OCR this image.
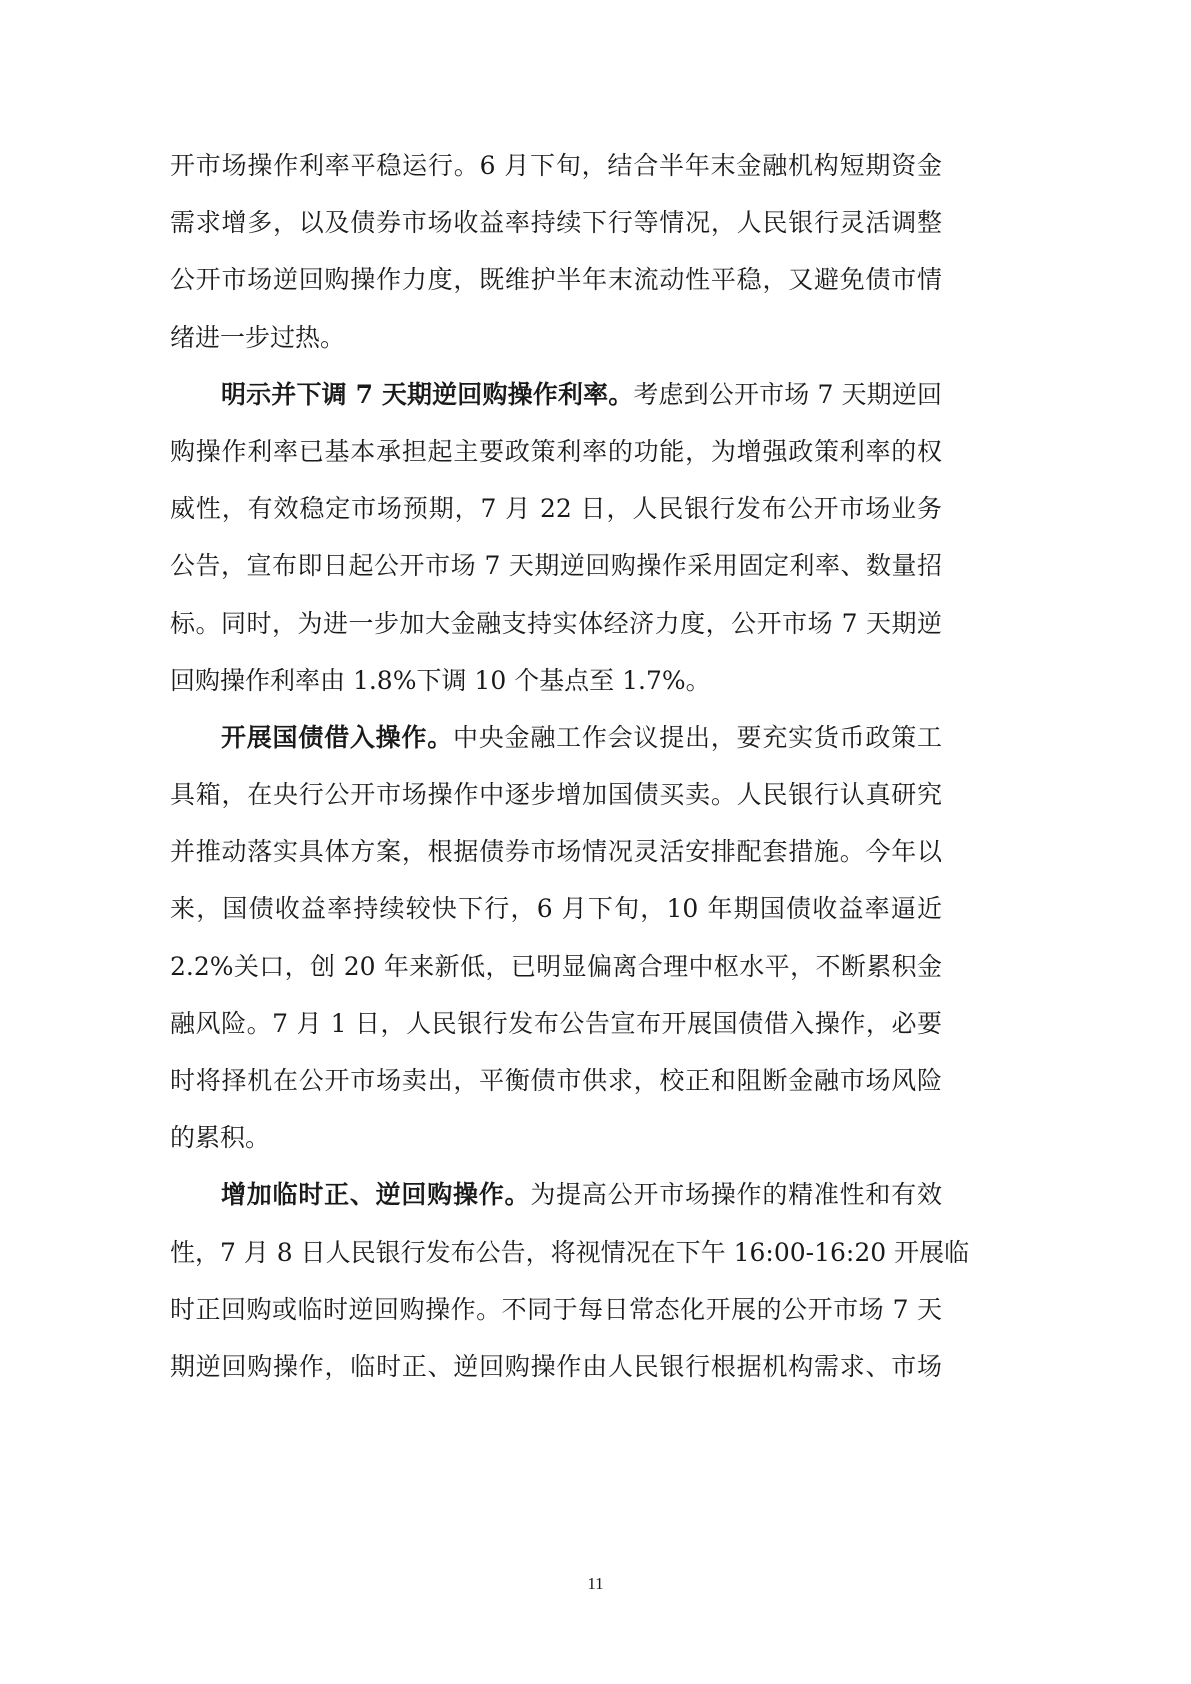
开市场操作利率平稳运行。6 月下旬，结合半年末金融机构短期资金
需求增多，以及债券市场收益率持续下行等情况，人民银行灵活调整
公开市场逆回购操作力度，既维护半年末流动性平稳，又避免债市情
绪进一步过热。
明示并下调 7 天期逆回购操作利率。考虑到公开市场 7 天期逆回
购操作利率已基本承担起主要政策利率的功能，为增强政策利率的权
威性，有效稳定市场预期，7 月 22 日，人民银行发布公开市场业务
公告，宣布即日起公开市场 7 天期逆回购操作采用固定利率、数量招
标。同时，为进一步加大金融支持实体经济力度，公开市场 7 天期逆
回购操作利率由 1.8%下调 10 个基点至 1.7%。
开展国债借入操作。中央金融工作会议提出，要充实货币政策工
具箱，在央行公开市场操作中逐步增加国债买卖。人民银行认真研究
并推动落实具体方案，根据债券市场情况灵活安排配套措施。今年以
来，国债收益率持续较快下行，6 月下旬，10 年期国债收益率逼近
2.2%关口，创 20 年来新低，已明显偏离合理中枢水平，不断累积金
融风险。7 月 1 日，人民银行发布公告宣布开展国债借入操作，必要
时将择机在公开市场卖出，平衡债市供求，校正和阻断金融市场风险
的累积。
增加临时正、逆回购操作。为提高公开市场操作的精准性和有效
性，7 月 8 日人民银行发布公告，将视情况在下午 16:00-16:20 开展临
时正回购或临时逆回购操作。不同于每日常态化开展的公开市场 7 天
期逆回购操作，临时正、逆回购操作由人民银行根据机构需求、市场
11
